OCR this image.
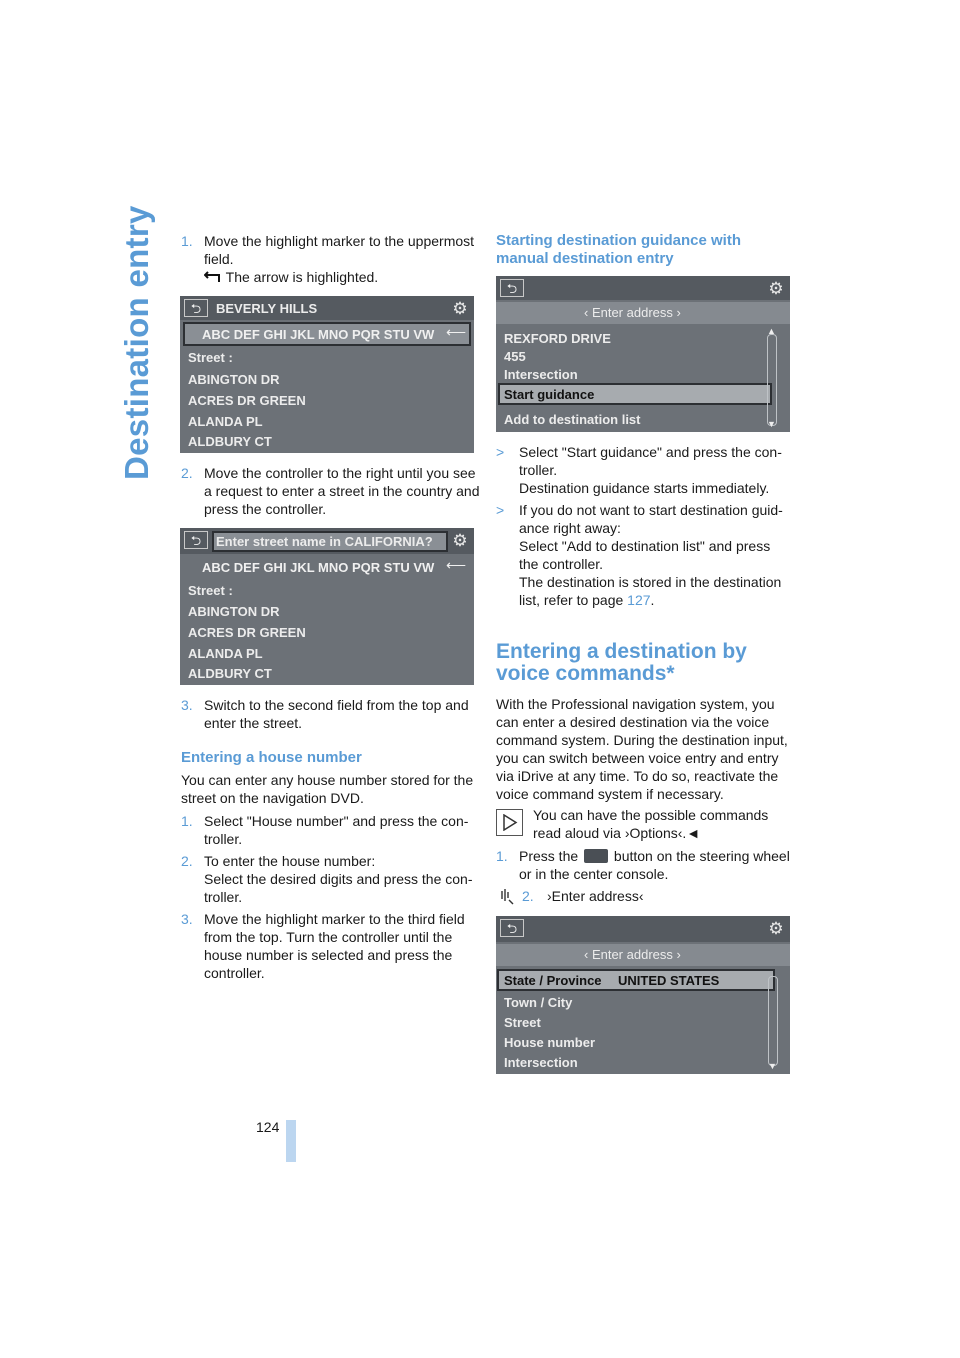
Destination entry 1. Move the highlight marker to the uppermost
field.
The arrow is highlighted.
⮌	BEVERLY HILLS	⚙
ABC DEF GHI JKL MNO PQR STU VW ⟵
Street :
ABINGTON DR
ACRES DR GREEN
ALANDA PL
ALDBURY CT
2. Move the controller to the right until you see
a request to enter a street in the country and
press the controller.
⮌	Enter street name in CALIFORNIA? ⚙
ABC DEF GHI JKL MNO PQR STU VW ⟵
Street :
ABINGTON DR
ACRES DR GREEN
ALANDA PL
ALDBURY CT
3. Switch to the second field from the top and
enter the street.
Entering a house number
You can enter any house number stored for the
street on the navigation DVD.
1. Select "House number" and press the con-
troller.
2. To enter the house number:
Select the desired digits and press the con-
troller.
3. Move the highlight marker to the third field
from the top. Turn the controller until the
house number is selected and press the
controller.
Starting destination guidance with
manual destination entry
⮌	⚙
‹ Enter address ›
REXFORD DRIVE
455
Intersection
Start guidance
Add to destination list
▲
▼
> Select "Start guidance" and press the con-
troller.
Destination guidance starts immediately.
> If you do not want to start destination guid-
ance right away:
Select "Add to destination list" and press
the controller.
The destination is stored in the destination
list, refer to page 127.
Entering a destination by
voice commands*
With the Professional navigation system, you
can enter a desired destination via the voice
command system. During the destination input,
you can switch between voice entry and entry
via iDrive at any time. To do so, reactivate the
voice command system if necessary.
You can have the possible commands
read aloud via ›Options‹.◄
1. Press the  button on the steering wheel
or in the center console.
2. ›Enter address‹
⮌	⚙
‹ Enter address ›
State / Province UNITED STATES
Town / City
Street
House number
Intersection	▼
124
